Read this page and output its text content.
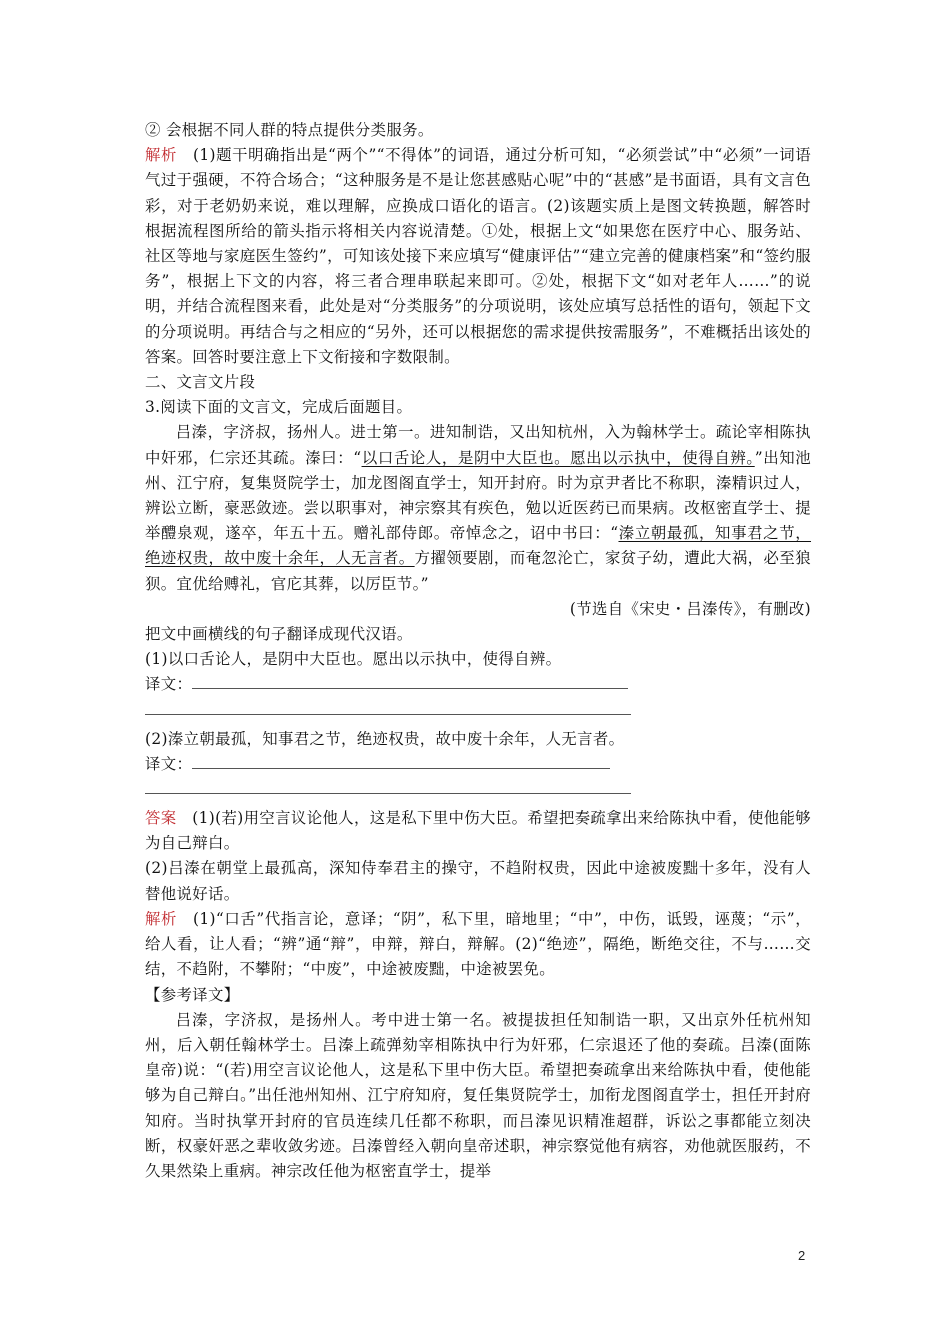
② 会根据不同人群的特点提供分类服务。

解析　 (1)题干明确指出是“两个”“不得体”的词语，通过分析可知，“必须尝试”中“必须”一词语气过于强硬，不符合场合；“这种服务是不是让您甚感贴心呢”中的“甚感”是书面语，具有文言色彩，对于老奶奶来说，难以理解，应换成口语化的语言。(2)该题实质上是图文转换题，解答时根据流程图所给的箭头指示将相关内容说清楚。①处，根据上文“如果您在医疗中心、服务站、社区等地与家庭医生签约”，可知该处接下来应填写“健康评估”“建立完善的健康档案”和“签约服务”，根据上下文的内容，将三者合理串联起来即可。②处，根据下文“如对老年人……”的说明，并结合流程图来看，此处是对“分类服务”的分项说明，该处应填写总括性的语句，领起下文的分项说明。再结合与之相应的“另外，还可以根据您的需求提供按需服务”，不难概括出该处的答案。回答时要注意上下文衔接和字数限制。

二、文言文片段

3.阅读下面的文言文，完成后面题目。

吕溱，字济叔，扬州人。进士第一。进知制诰，又出知杭州，入为翰林学士。疏论宰相陈执中奸邪，仁宗还其疏。溱曰：“以口舌论人，是阴中大臣也。愿出以示执中，使得自辨。”出知池州、江宁府，复集贤院学士，加龙图阁直学士，知开封府。时为京尹者比不称职，溱精识过人，辨讼立断，豪恶敛迹。尝以职事对，神宗察其有疾色，勉以近医药已而果病。改枢密直学士、提举醴泉观，遂卒，年五十五。赠礼部侍郎。帝悼念之，诏中书曰：“溱立朝最孤，知事君之节，绝迹权贵，故中废十余年，人无言者。方擢领要剧，而奄忽沦亡，家贫子幼，遭此大祸，必至狼狈。宜优给赙礼，官庀其葬，以厉臣节。”

(节选自《宋史・吕溱传》，有删改)

把文中画横线的句子翻译成现代汉语。

(1)以口舌论人，是阴中大臣也。愿出以示执中，使得自辨。

译文：

(2)溱立朝最孤，知事君之节，绝迹权贵，故中废十余年，人无言者。

译文：

答案　 (1)(若)用空言议论他人，这是私下里中伤大臣。希望把奏疏拿出来给陈执中看，使他能够为自己辩白。

(2)吕溱在朝堂上最孤高，深知侍奉君主的操守，不趋附权贵，因此中途被废黜十多年，没有人替他说好话。

解析　 (1)“口舌”代指言论，意译；“阴”，私下里，暗地里；“中”，中伤，诋毁，诬蔑；“示”，给人看，让人看；“辨”通“辩”，申辩，辩白，辩解。(2)“绝迹”，隔绝，断绝交往，不与……交结，不趋附，不攀附；“中废”，中途被废黜，中途被罢免。

【参考译文】

吕溱，字济叔，是扬州人。考中进士第一名。被提拔担任知制诰一职，又出京外任杭州知州，后入朝任翰林学士。吕溱上疏弹劾宰相陈执中行为奸邪，仁宗退还了他的奏疏。吕溱(面陈皇帝)说：“(若)用空言议论他人，这是私下里中伤大臣。希望把奏疏拿出来给陈执中看，使他能够为自己辩白。”出任池州知州、江宁府知府，复任集贤院学士，加衔龙图阁直学士，担任开封府知府。当时执掌开封府的官员连续几任都不称职，而吕溱见识精准超群，诉讼之事都能立刻决断，权豪奸恶之辈收敛劣迹。吕溱曾经入朝向皇帝述职，神宗察觉他有病容，劝他就医服药，不久果然染上重病。神宗改任他为枢密直学士，提举

2
